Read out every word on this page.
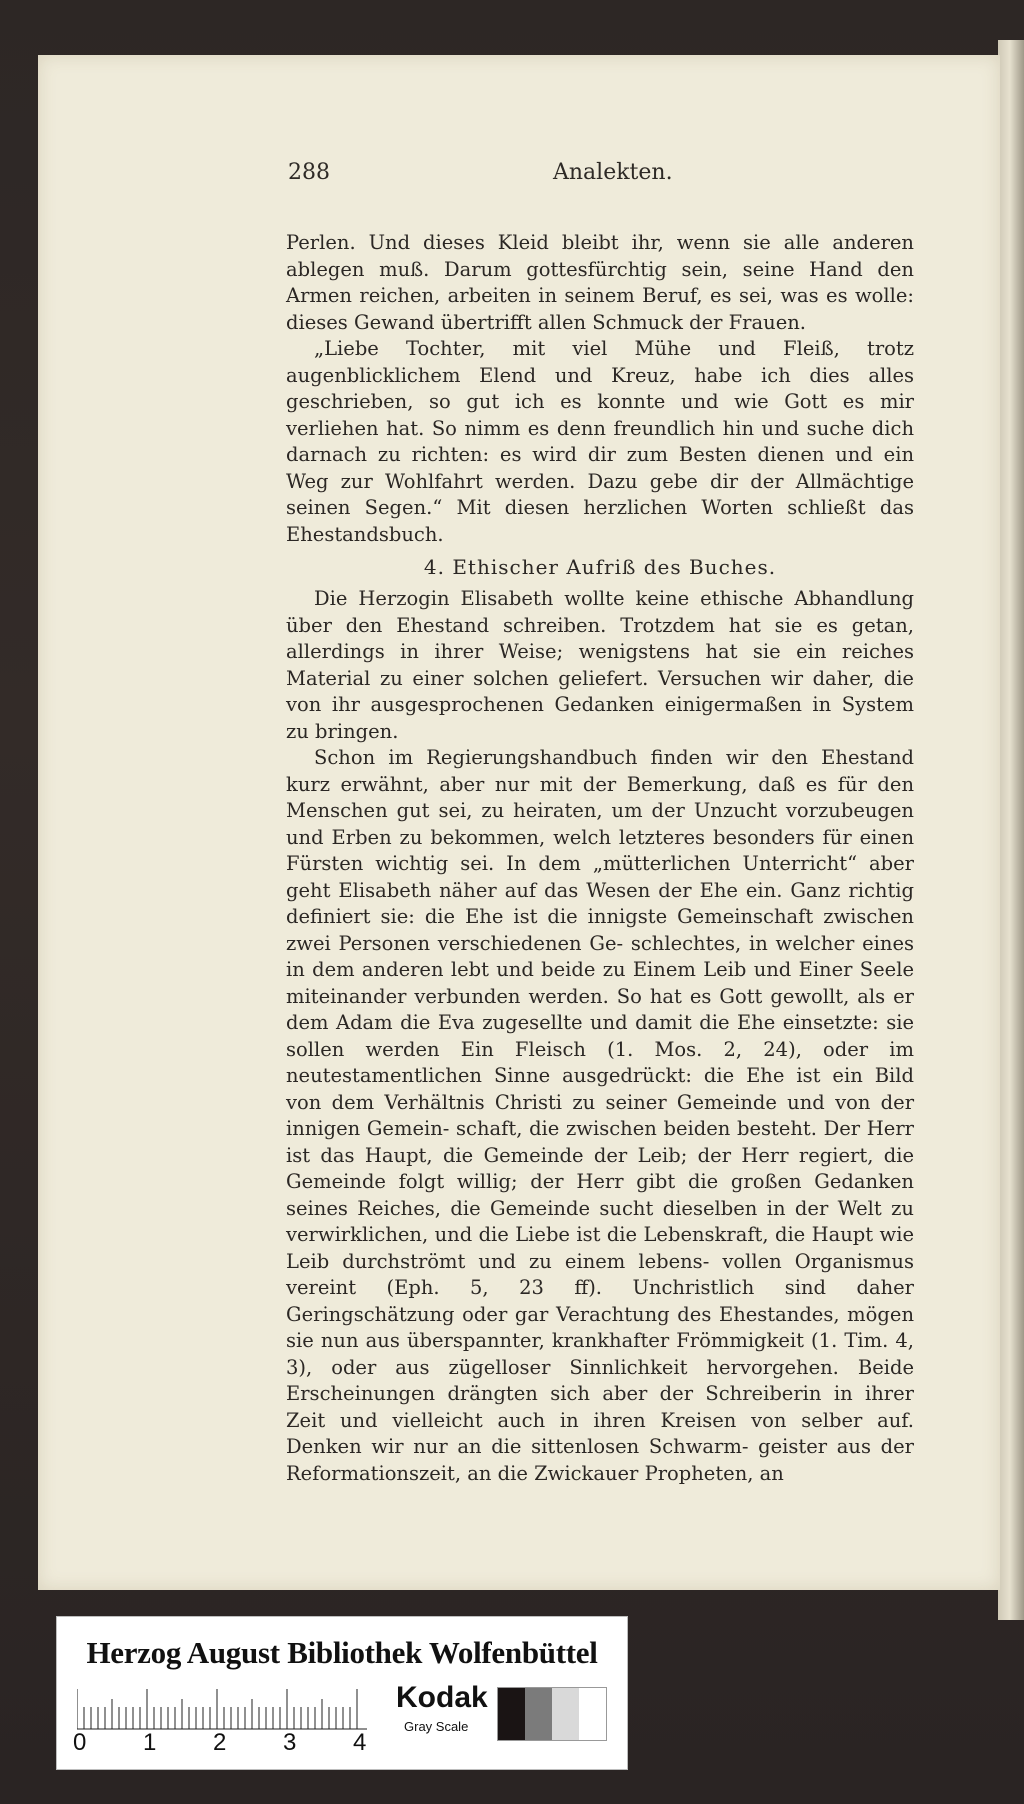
288	Analekten.

Perlen. Und dieses Kleid bleibt ihr, wenn sie alle anderen ablegen muß. Darum gottesfürchtig sein, seine Hand den Armen reichen, arbeiten in seinem Beruf, es sei, was es wolle: dieses Gewand übertrifft allen Schmuck der Frauen.

„Liebe Tochter, mit viel Mühe und Fleiß, trotz augenblicklichem Elend und Kreuz, habe ich dies alles geschrieben, so gut ich es konnte und wie Gott es mir verliehen hat. So nimm es denn freundlich hin und suche dich darnach zu richten: es wird dir zum Besten dienen und ein Weg zur Wohlfahrt werden. Dazu gebe dir der Allmächtige seinen Segen.“ Mit diesen herzlichen Worten schließt das Ehestandsbuch.

4. Ethischer Aufriß des Buches.

Die Herzogin Elisabeth wollte keine ethische Abhandlung über den Ehestand schreiben. Trotzdem hat sie es getan, allerdings in ihrer Weise; wenigstens hat sie ein reiches Material zu einer solchen geliefert. Versuchen wir daher, die von ihr ausgesprochenen Gedanken einigermaßen in System zu bringen.

Schon im Regierungshandbuch finden wir den Ehestand kurz erwähnt, aber nur mit der Bemerkung, daß es für den Menschen gut sei, zu heiraten, um der Unzucht vorzubeugen und Erben zu bekommen, welch letzteres besonders für einen Fürsten wichtig sei. In dem „mütterlichen Unterricht“ aber geht Elisabeth näher auf das Wesen der Ehe ein. Ganz richtig definiert sie: die Ehe ist die innigste Gemeinschaft zwischen zwei Personen verschiedenen Ge- schlechtes, in welcher eines in dem anderen lebt und beide zu Einem Leib und Einer Seele miteinander verbunden werden. So hat es Gott gewollt, als er dem Adam die Eva zugesellte und damit die Ehe einsetzte: sie sollen werden Ein Fleisch (1. Mos. 2, 24), oder im neutestamentlichen Sinne ausgedrückt: die Ehe ist ein Bild von dem Verhältnis Christi zu seiner Gemeinde und von der innigen Gemein- schaft, die zwischen beiden besteht. Der Herr ist das Haupt, die Gemeinde der Leib; der Herr regiert, die Gemeinde folgt willig; der Herr gibt die großen Gedanken seines Reiches, die Gemeinde sucht dieselben in der Welt zu verwirklichen, und die Liebe ist die Lebenskraft, die Haupt wie Leib durchströmt und zu einem lebens- vollen Organismus vereint (Eph. 5, 23 ff). Unchristlich sind daher Geringschätzung oder gar Verachtung des Ehestandes, mögen sie nun aus überspannter, krankhafter Frömmigkeit (1. Tim. 4, 3), oder aus zügelloser Sinnlichkeit hervorgehen. Beide Erscheinungen drängten sich aber der Schreiberin in ihrer Zeit und vielleicht auch in ihren Kreisen von selber auf. Denken wir nur an die sittenlosen Schwarm- geister aus der Reformationszeit, an die Zwickauer Propheten, an

Herzog August Bibliothek Wolfenbüttel
0 1 2 3 4
Kodak
Gray Scale
